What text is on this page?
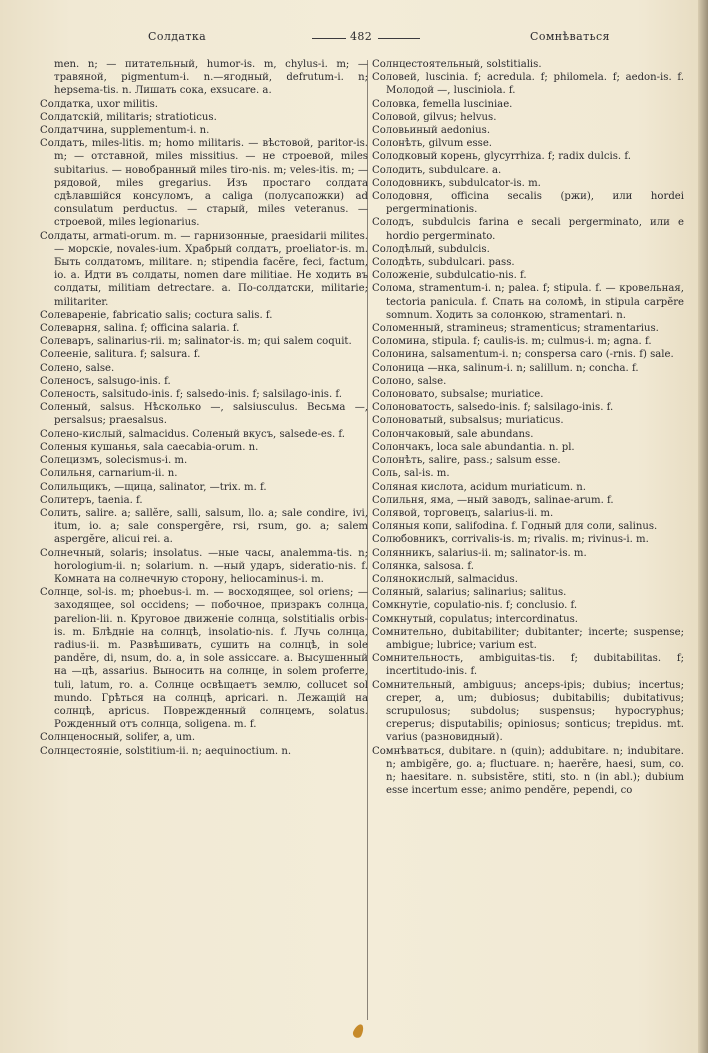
Солдатка	482	Сомнѣваться
men. n; — питательный, humor-is. m, chylus-i. m; — травяной, pigmentum-i. n.—ягодный, defrutum-i. n; hepsema-tis. n. Лишать сока, exsucare. a.
Солдатка, uxor militis.
Солдатскій, militaris; stratioticus.
Солдатчина, supplementum-i. n.
Солдатъ, miles-litis. m; homo militaris. — вѣстовой, paritor-is. m; — отставной, miles missitius. — не строевой, miles subitarius. — новобранный miles tiro-nis. m; veles-itis. m; — рядовой, miles gregarius. Изъ простаго солдата сдѣлавшійся консуломъ, a caliga (полусапожки) ad consulatum perductus. — старый, miles veteranus. — строевой, miles legionarius.
Солдаты, armati-orum. m. — гарнизонные, praesidarii milites. — морскіе, novales-ium. Храбрый солдатъ, proeliator-is. m. Быть солдатомъ, militare. n; stipendia facĕre, feci, factum, io. a. Идти въ солдаты, nomen dare militiae. Не ходить въ солдаты, militiam detrectare. a. По-солдатски, militarie; militariter.
Солеваренiе, fabricatio salis; coctura salis. f.
Солеварня, salina. f; officina salaria. f.
Солеваръ, salinarius-rii. m; salinator-is. m; qui salem coquit.
Солееніе, salitura. f; salsura. f.
Солено, salse.
Соленосъ, salsugo-inis. f.
Соленость, salsitudo-inis. f; salsedo-inis. f; salsilago-inis. f.
Соленый, salsus. Нѣсколько —, salsiusculus. Весьма —, persalsus; praesalsus.
Солено-кислый, salmacidus. Соленый вкусъ, salsede-es. f.
Соленыя кушанья, sala caecabia-orum. n.
Солецизмъ, solecismus-i. m.
Солильня, carnarium-ii. n.
Солильщикъ, —щица, salinator, —trix. m. f.
Солитеръ, taenia. f.
Солить, salire. a; sallĕre, salli, salsum, llo. a; sale condire, ivi, itum, io. a; sale conspergĕre, rsi, rsum, go. a; salem aspergĕre, alicui rei. a.
Солнечный, solaris; insolatus. —ные часы, analemma-tis. n; horologium-ii. n; solarium. n. —ный ударъ, sideratio-nis. f. Комната на солнечную сторону, heliocaminus-i. m.
Солнце, sol-is. m; phoebus-i. m. — восходящее, sol oriens; — заходящее, sol occidens; — побочное, призракъ солнца, parelion-lii. n. Круговое движеніе солнца, solstitialis orbis-is. m. Блѣдніе на солнцѣ, insolatio-nis. f. Лучь солнца, radius-ii. m. Развѣшивать, сушить на солнцѣ, in sole pandĕre, di, nsum, do. a, in sole assiccare. a. Высушенный на —цѣ, assarius. Выносить на солнце, in solem proferre, tuli, latum, ro. a. Солнце освѣщаетъ землю, collucet sol mundo. Грѣться на солнцѣ, apricari. n. Лежащій на солнцѣ, apricus. Поврежденный солнцемъ, solatus. Рожденный отъ солнца, soligena. m. f.
Солнценосный, solifer, a, um.
Солнцестояніе, solstitium-ii. n; aequinoctium. n.
Солнцестоятельный, solstitialis.
Соловей, luscinia. f; acredula. f; philomela. f; aedon-is. f. Молодой —, lusciniola. f.
Соловка, femella lusciniae.
Соловой, gilvus; helvus.
Соловьиный aedonius.
Солонѣть, gilvum esse.
Солодковый корень, glycyrrhiza. f; radix dulcis. f.
Солодить, subdulcare. a.
Солодовникъ, subdulcator-is. m.
Солодовня, officina secalis (ржи), или hordei pergerminationis.
Солодъ, subdulcis farina e secali pergerminato, или e hordio pergerminato.
Солодѣлый, subdulcis.
Солодѣть, subdulcari. pass.
Соложеніе, subdulcatio-nis. f.
Солома, stramentum-i. n; palea. f; stipula. f. — кровельная, tectoria panicula. f. Спать на соломѣ, in stipula carpĕre somnum. Ходить за солонкою, stramentari. n.
Соломенный, stramineus; stramenticus; stramentarius.
Соломина, stipula. f; caulis-is. m; culmus-i. m; agna. f.
Солонина, salsamentum-i. n; conspersa caro (-rnis. f) sale.
Солоница —нка, salinum-i. n; salillum. n; concha. f.
Солоно, salse.
Солоновато, subsalse; muriatice.
Солоноватость, salsedo-inis. f; salsilago-inis. f.
Солоноватый, subsalsus; muriaticus.
Солончаковый, sale abundans.
Солончакъ, loca sale abundantia. n. pl.
Солонѣть, salire, pass.; salsum esse.
Соль, sal-is. m.
Соляная кислота, acidum muriaticum. n.
Солильня, яма, —ный заводъ, salinae-arum. f.
Солявой, торговецъ, salarius-ii. m.
Соляныя копи, salifodina. f. Годный для соли, salinus.
Солюбовникъ, corrivalis-is. m; rivalis. m; rivinus-i. m.
Солянникъ, salarius-ii. m; salinator-is. m.
Солянка, salsosa. f.
Солянокислый, salmacidus.
Соляный, salarius; salinarius; salitus.
Сомкнутіе, copulatio-nis. f; conclusio. f.
Сомкнутый, copulatus; intercordinatus.
Сомнительно, dubitabiliter; dubitanter; incerte; suspense; ambigue; lubrice; varium est.
Сомнительность, ambiguitas-tis. f; dubitabilitas. f; incertitudo-inis. f.
Сомнительный, ambiguus; anceps-ipis; dubius; incertus; creper, a, um; dubiosus; dubitabilis; dubitativus; scrupulosus; subdolus; suspensus; hypocryphus; creperus; disputabilis; opiniosus; sonticus; trepidus. mt. varius (разновидный).
Сомнѣваться, dubitare. n (quin); addubitare. n; indubitare. n; ambigĕre, go. a; fluctuare. n; haerĕre, haesi, sum, co. n; haesitare. n. subsistĕre, stiti, sto. n (in abl.); dubium esse incertum esse; animo pendĕre, pependi, co
